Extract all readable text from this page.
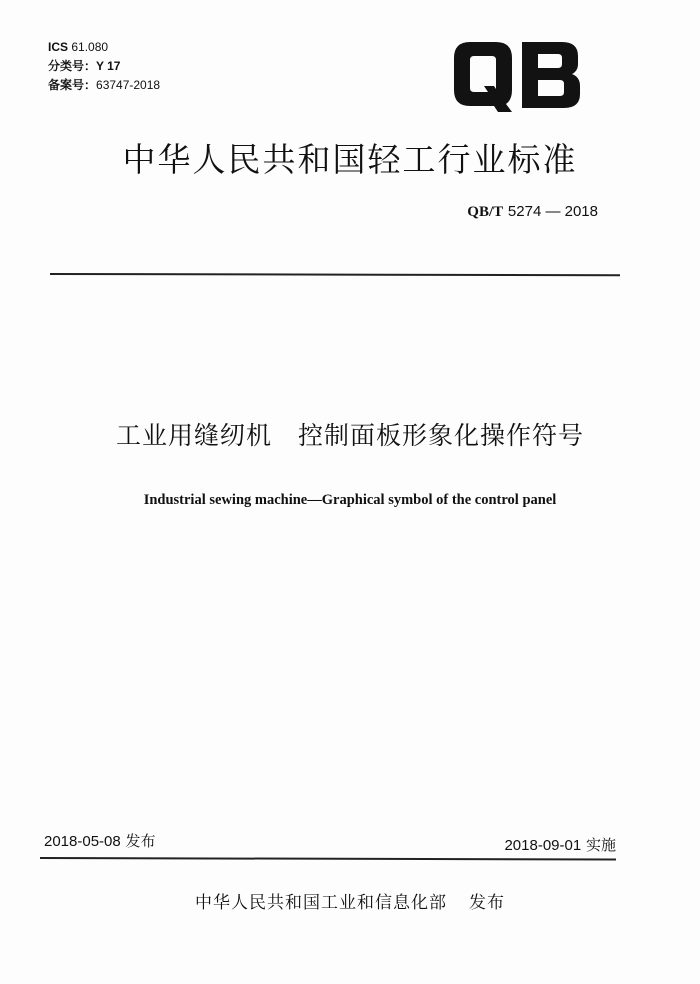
ICS 61.080
分类号：Y 17
备案号：63747-2018
中华人民共和国轻工行业标准
QB/T 5274 — 2018
工业用缝纫机 控制面板形象化操作符号
Industrial sewing machine—Graphical symbol of the control panel
2018-05-08 发布	2018-09-01 实施
中华人民共和国工业和信息化部 发布
